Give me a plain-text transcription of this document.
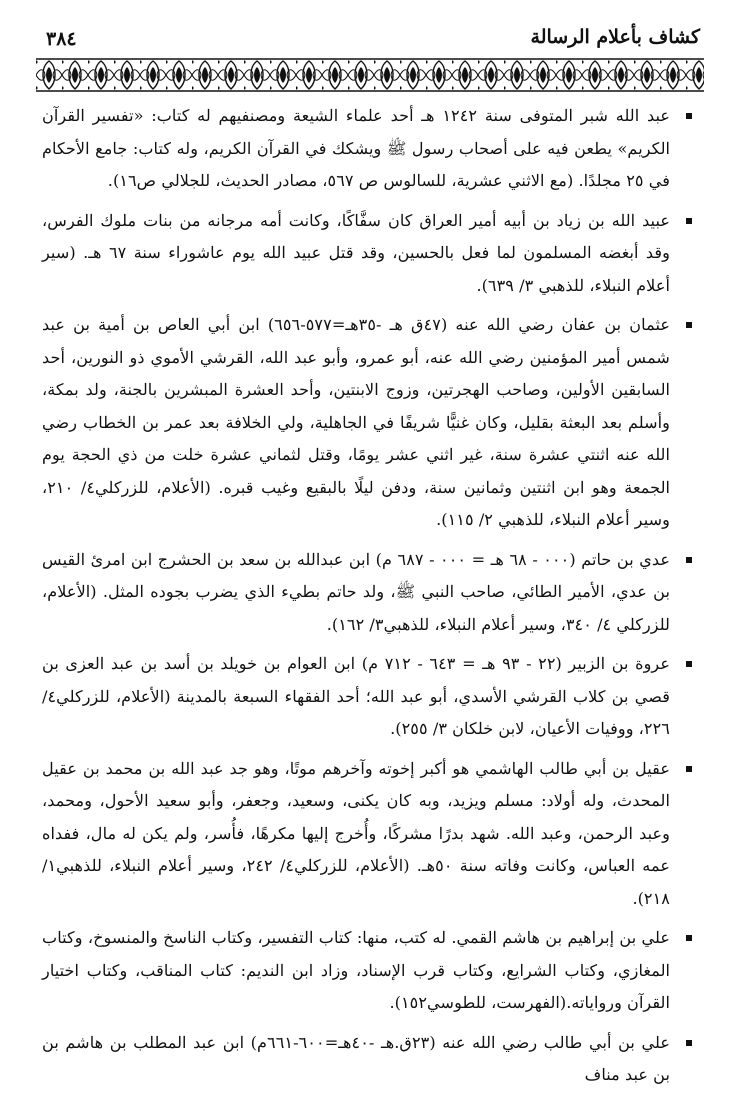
كشاف بأعلام الرسالة
٣٨٤
عبد الله شبر المتوفى سنة ١٢٤٢ هـ أحد علماء الشيعة ومصنفيهم له كتاب: «تفسير القرآن الكريم» يطعن فيه على أصحاب رسول ﷺ ويشكك في القرآن الكريم، وله كتاب: جامع الأحكام في ٢٥ مجلدًا. (مع الاثني عشرية، للسالوس ص ٥٦٧، مصادر الحديث، للجلالي ص١٦).
عبيد الله بن زياد بن أبيه أمير العراق كان سفَّاكًا، وكانت أمه مرجانه من بنات ملوك الفرس، وقد أبغضه المسلمون لما فعل بالحسين، وقد قتل عبيد الله يوم عاشوراء سنة ٦٧ هـ. (سير أعلام النبلاء، للذهبي ٣/ ٦٣٩).
عثمان بن عفان رضي الله عنه (٤٧ق هـ -٣٥هـ=٥٧٧-٦٥٦) ابن أبي العاص بن أمية بن عبد شمس أمير المؤمنين رضي الله عنه، أبو عمرو، وأبو عبد الله، القرشي الأموي ذو النورين، أحد السابقين الأولين، وصاحب الهجرتين، وزوج الابنتين، وأحد العشرة المبشرين بالجنة، ولد بمكة، وأسلم بعد البعثة بقليل، وكان غنيًّا شريفًا في الجاهلية، ولي الخلافة بعد عمر بن الخطاب رضي الله عنه اثنتي عشرة سنة، غير اثني عشر يومًا، وقتل لثماني عشرة خلت من ذي الحجة يوم الجمعة وهو ابن اثنتين وثمانين سنة، ودفن ليلًا بالبقيع وغيب قبره. (الأعلام، للزركلي٤/ ٢١٠، وسير أعلام النبلاء، للذهبي ٢/ ١١٥).
عدي بن حاتم (٠٠٠ - ٦٨ هـ = ٠٠٠ - ٦٨٧ م) ابن عبدالله بن سعد بن الحشرج ابن امرئ القيس بن عدي، الأمير الطائي، صاحب النبي ﷺ، ولد حاتم بطيء الذي يضرب بجوده المثل. (الأعلام، للزركلي ٤/ ٣٤٠، وسير أعلام النبلاء، للذهبي٣/ ١٦٢).
عروة بن الزبير (٢٢ - ٩٣ هـ = ٦٤٣ - ٧١٢ م) ابن العوام بن خويلد بن أسد بن عبد العزى بن قصي بن كلاب القرشي الأسدي، أبو عبد الله؛ أحد الفقهاء السبعة بالمدينة (الأعلام، للزركلي٤/ ٢٢٦، ووفيات الأعيان، لابن خلكان ٣/ ٢٥٥).
عقيل بن أبي طالب الهاشمي هو أكبر إخوته وآخرهم موتًا، وهو جد عبد الله بن محمد بن عقيل المحدث، وله أولاد: مسلم ويزيد، وبه كان يكنى، وسعيد، وجعفر، وأبو سعيد الأحول، ومحمد، وعبد الرحمن، وعبد الله. شهد بدرًا مشركًا، وأُخرج إليها مكرهًا، فأُسر، ولم يكن له مال، ففداه عمه العباس، وكانت وفاته سنة ٥٠هـ. (الأعلام، للزركلي٤/ ٢٤٢، وسير أعلام النبلاء، للذهبي١/ ٢١٨).
علي بن إبراهيم بن هاشم القمي. له كتب، منها: كتاب التفسير، وكتاب الناسخ والمنسوخ، وكتاب المغازي، وكتاب الشرايع، وكتاب قرب الإسناد، وزاد ابن النديم: كتاب المناقب، وكتاب اختيار القرآن ورواياته.(الفهرست، للطوسي١٥٢).
علي بن أبي طالب رضي الله عنه (٢٣ق.هـ -٤٠هـ=٦٠٠-٦٦١م) ابن عبد المطلب بن هاشم بن بن عبد مناف
